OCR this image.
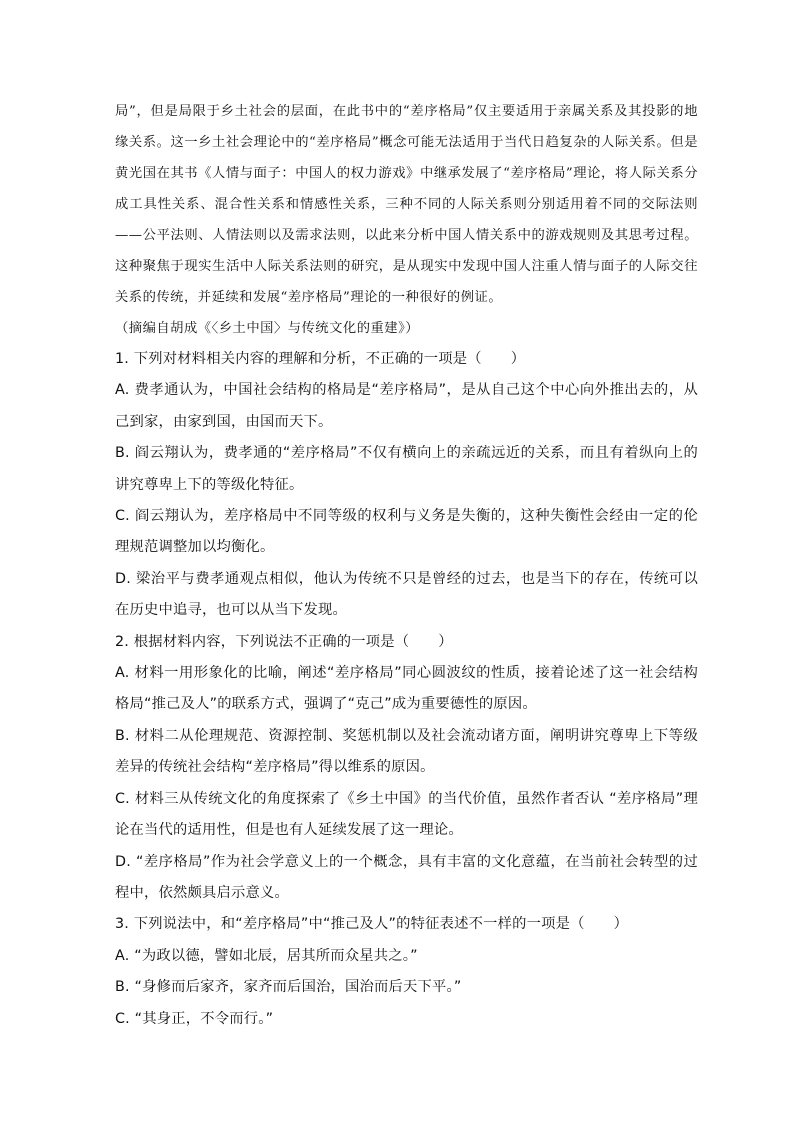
局”，但是局限于乡土社会的层面，在此书中的“差序格局”仅主要适用于亲属关系及其投影的地缘关系。这一乡土社会理论中的“差序格局”概念可能无法适用于当代日趋复杂的人际关系。但是黄光国在其书《人情与面子：中国人的权力游戏》中继承发展了“差序格局”理论，将人际关系分成工具性关系、混合性关系和情感性关系，三种不同的人际关系则分别适用着不同的交际法则——公平法则、人情法则以及需求法则，以此来分析中国人情关系中的游戏规则及其思考过程。这种聚焦于现实生活中人际关系法则的研究，是从现实中发现中国人注重人情与面子的人际交往关系的传统，并延续和发展“差序格局”理论的一种很好的例证。

（摘编自胡成《〈乡土中国〉与传统文化的重建》）

1. 下列对材料相关内容的理解和分析，不正确的一项是（　　）

A. 费孝通认为，中国社会结构的格局是“差序格局”，是从自己这个中心向外推出去的，从己到家，由家到国，由国而天下。

B. 阎云翔认为，费孝通的“差序格局”不仅有横向上的亲疏远近的关系，而且有着纵向上的讲究尊卑上下的等级化特征。

C. 阎云翔认为，差序格局中不同等级的权利与义务是失衡的，这种失衡性会经由一定的伦理规范调整加以均衡化。

D. 梁治平与费孝通观点相似，他认为传统不只是曾经的过去，也是当下的存在，传统可以在历史中追寻，也可以从当下发现。

2. 根据材料内容，下列说法不正确的一项是（　　）

A. 材料一用形象化的比喻，阐述“差序格局”同心圆波纹的性质，接着论述了这一社会结构格局“推己及人”的联系方式，强调了“克己”成为重要德性的原因。

B. 材料二从伦理规范、资源控制、奖惩机制以及社会流动诸方面，阐明讲究尊卑上下等级差异的传统社会结构“差序格局”得以维系的原因。

C. 材料三从传统文化的角度探索了《乡土中国》的当代价值，虽然作者否认 “差序格局”理论在当代的适用性，但是也有人延续发展了这一理论。

D. “差序格局”作为社会学意义上的一个概念，具有丰富的文化意蕴，在当前社会转型的过程中，依然颇具启示意义。

3. 下列说法中，和“差序格局”中“推己及人”的特征表述不一样的一项是（　　）

A. “为政以德，譬如北辰，居其所而众星共之。”

B. “身修而后家齐，家齐而后国治，国治而后天下平。”

C. “其身正，不令而行。”
